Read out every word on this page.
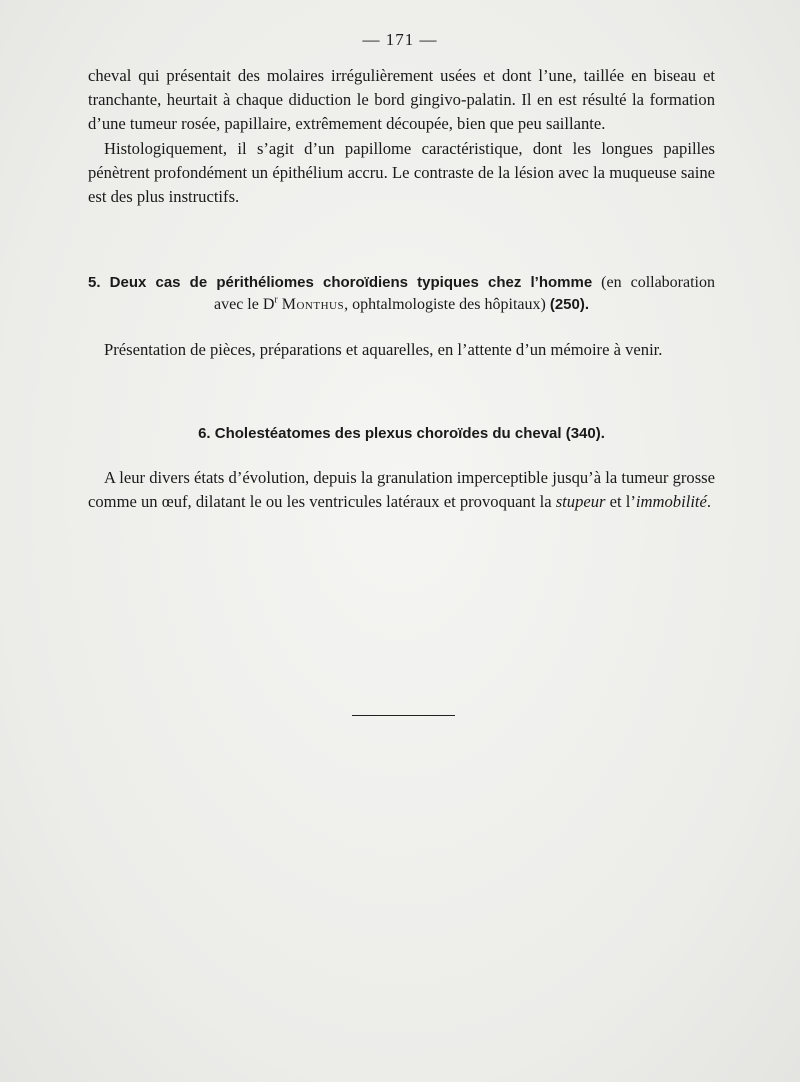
— 171 —

cheval qui présentait des molaires irrégulièrement usées et dont l’une, taillée en biseau et tranchante, heurtait à chaque diduction le bord gingivo-palatin. Il en est résulté la formation d’une tumeur rosée, papillaire, extrêmement découpée, bien que peu saillante.

Histologiquement, il s’agit d’un papillome caractéristique, dont les longues papilles pénètrent profondément un épithélium accru. Le contraste de la lésion avec la muqueuse saine est des plus instructifs.

5. Deux cas de périthéliomes choroïdiens typiques chez l’homme (en collaboration
avec le $D^r$ Monthus, ophtalmologiste des hôpitaux) (250).

Présentation de pièces, préparations et aquarelles, en l’attente d’un mémoire à venir.

6. Cholestéatomes des plexus choroïdes du cheval (340).

A leur divers états d’évolution, depuis la granulation imperceptible jusqu’à la tumeur grosse comme un œuf, dilatant le ou les ventricules latéraux et provoquant la stupeur et l’immobilité.
